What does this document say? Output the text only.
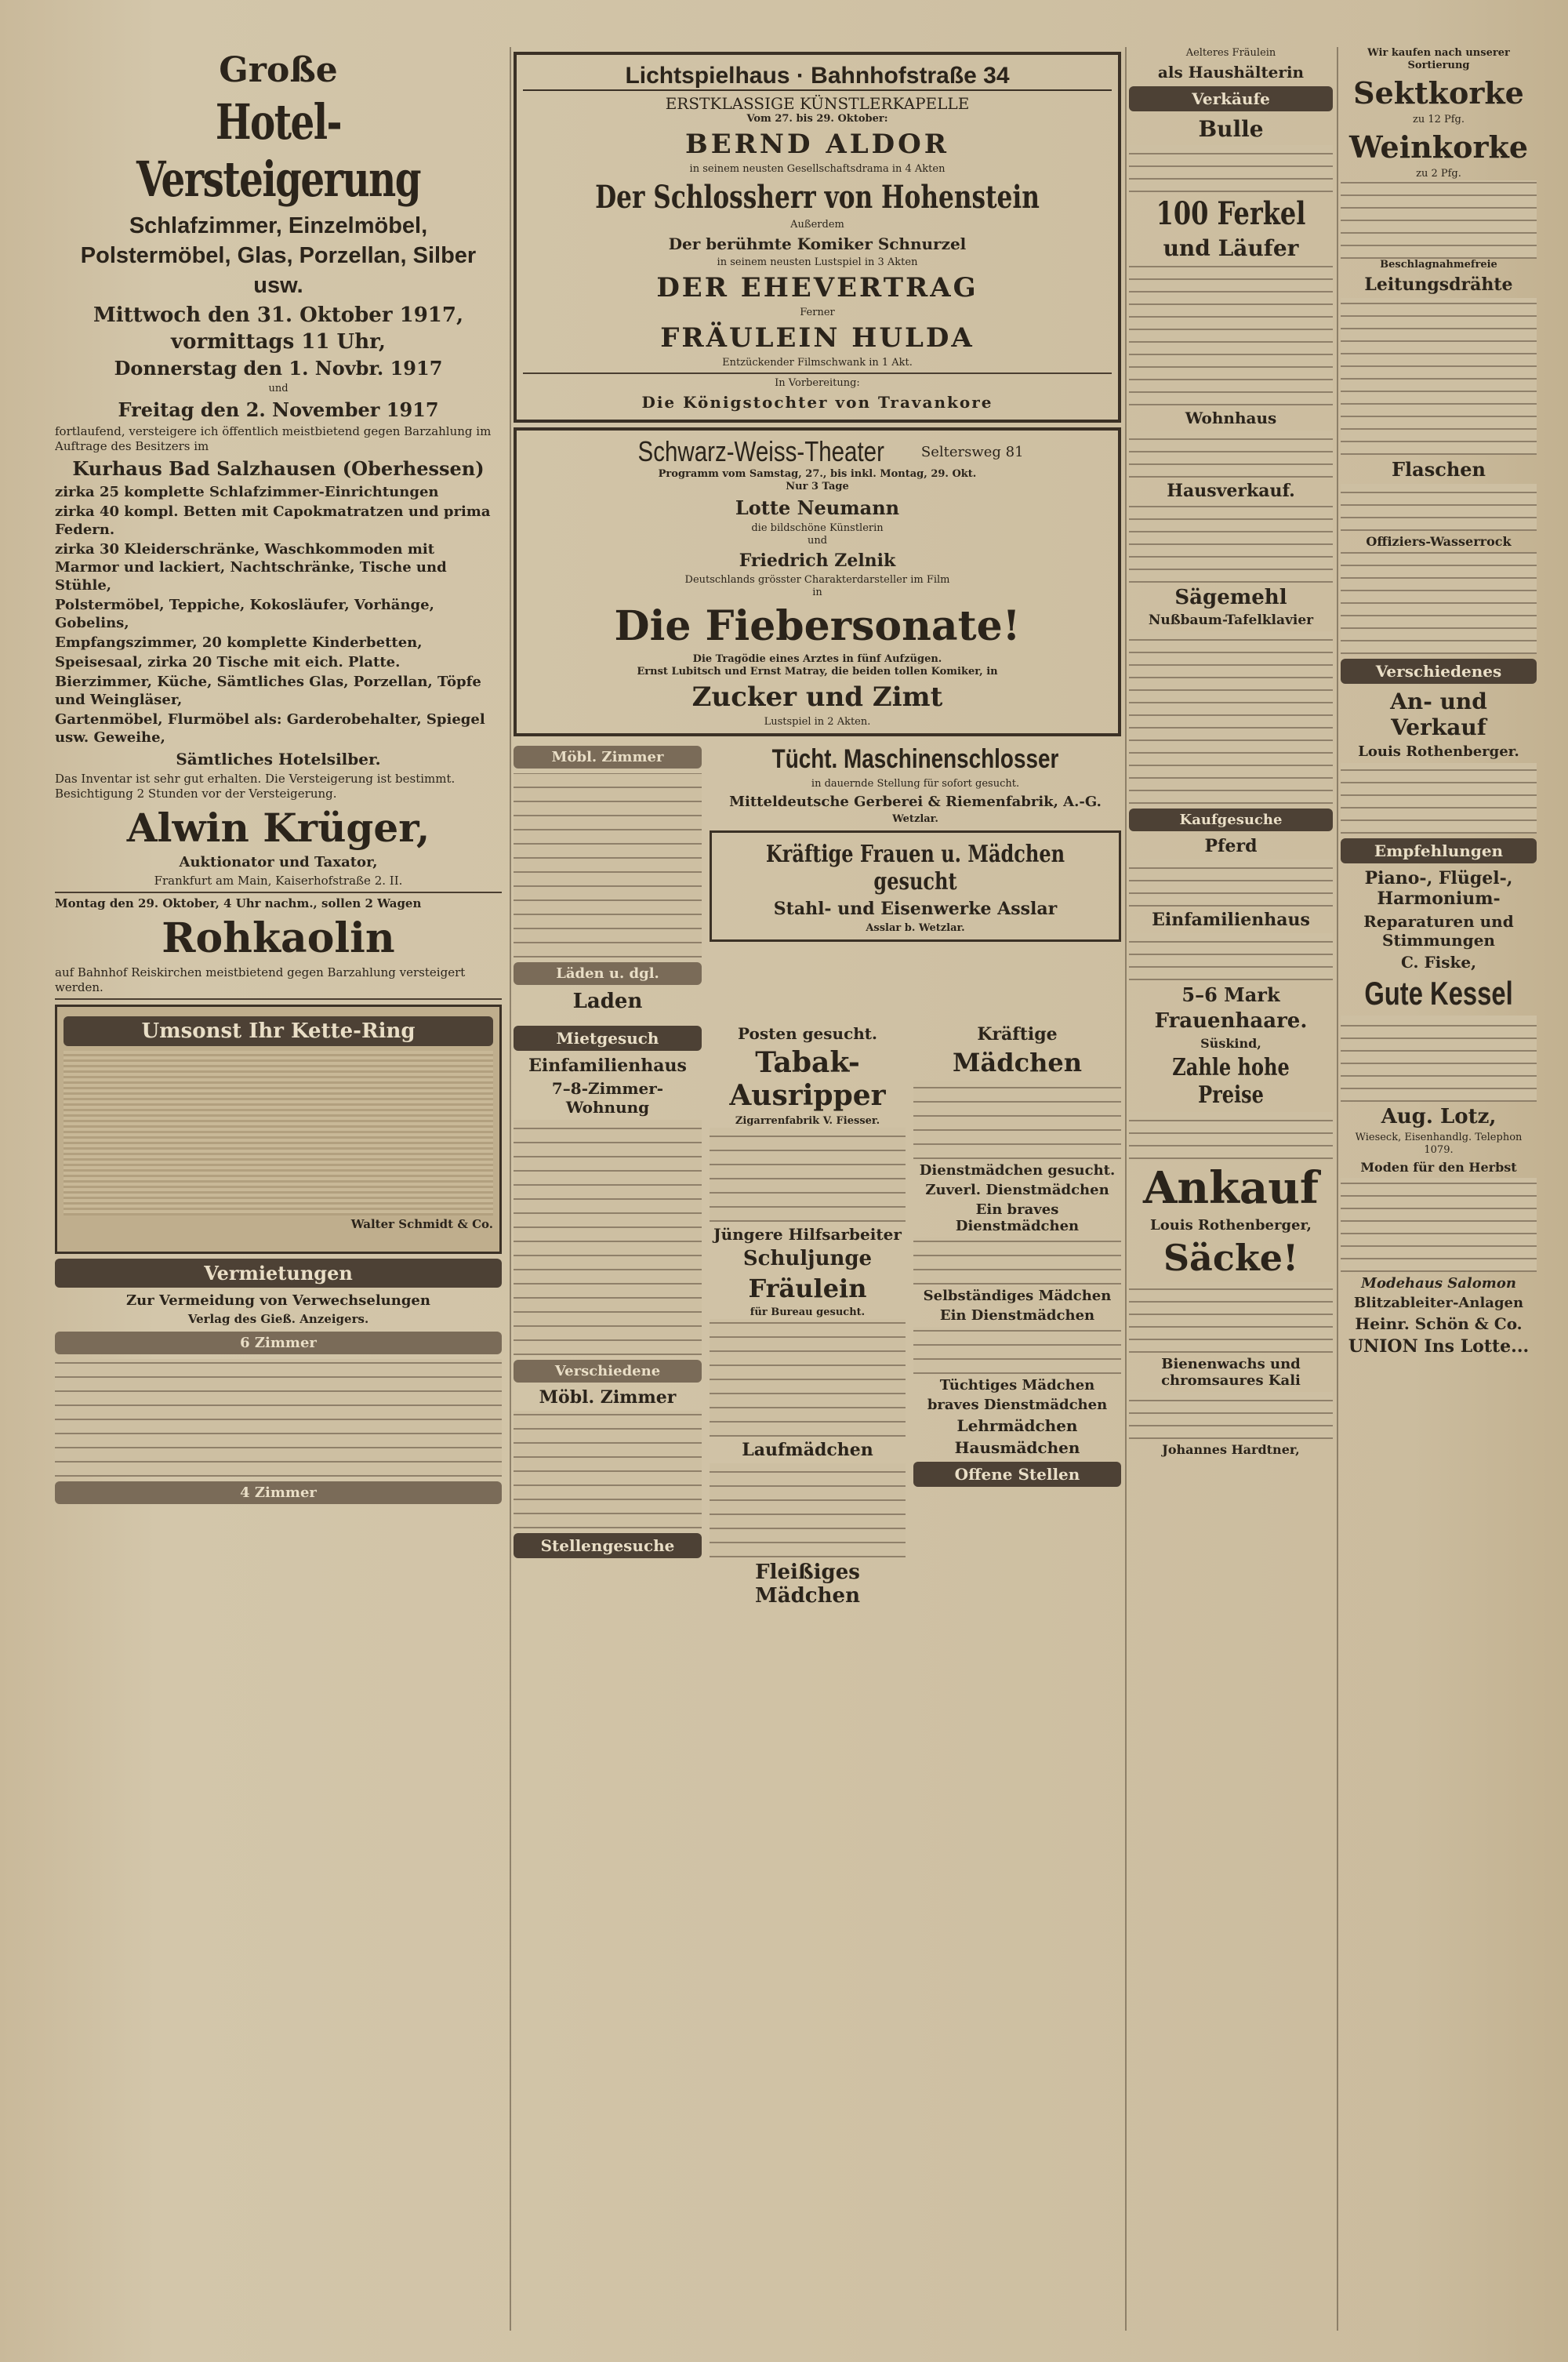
Große
Hotel-Versteigerung
Schlafzimmer, Einzelmöbel, Polstermöbel, Glas, Porzellan, Silber usw.
Mittwoch den 31. Oktober 1917,
vormittags 11 Uhr,
Donnerstag den 1. Novbr. 1917
und
Freitag den 2. November 1917
fortlaufend, versteigere ich öffentlich meistbietend gegen Barzahlung im Auftrage des Besitzers im
Kurhaus Bad Salzhausen (Oberhessen)
zirka 25 komplette Schlafzimmer-Einrichtungen
zirka 40 kompl. Betten mit Capokmatratzen und prima Federn.
zirka 30 Kleiderschränke, Waschkommoden mit Marmor und lackiert, Nachtschränke, Tische und Stühle,
Polstermöbel, Teppiche, Kokosläufer, Vorhänge, Gobelins,
Empfangszimmer, 20 komplette Kinderbetten,
Speisesaal, zirka 20 Tische mit eich. Platte.
Bierzimmer, Küche, Sämtliches Glas, Porzellan, Töpfe und Weingläser,
Gartenmöbel, Flurmöbel als: Garderobehalter, Spiegel usw. Geweihe,
Sämtliches Hotelsilber.
Das Inventar ist sehr gut erhalten. Die Versteigerung ist bestimmt. Besichtigung 2 Stunden vor der Versteigerung.
Alwin Krüger,
Auktionator und Taxator,
Frankfurt am Main, Kaiserhofstraße 2. II.
Montag den 29. Oktober, 4 Uhr nachm., sollen 2 Wagen
Rohkaolin
auf Bahnhof Reiskirchen meistbietend gegen Barzahlung versteigert werden.
Umsonst Ihr Kette-Ring
Walter Schmidt & Co.
Vermietungen
Zur Vermeidung von Verwechselungen
Verlag des Gieß. Anzeigers.
6 Zimmer
4 Zimmer
Lichtspielhaus · Bahnhofstraße 34
ERSTKLASSIGE KÜNSTLERKAPELLE
Vom 27. bis 29. Oktober:
BERND ALDOR
in seinem neusten Gesellschaftsdrama in 4 Akten
Der Schlossherr von Hohenstein
Außerdem
Der berühmte Komiker Schnurzel
in seinem neusten Lustspiel in 3 Akten
DER EHEVERTRAG
Ferner
FRÄULEIN HULDA
Entzückender Filmschwank in 1 Akt.
In Vorbereitung:
Die Königstochter von Travankore
Schwarz-Weiss-Theater	Seltersweg 81
Programm vom Samstag, 27., bis inkl. Montag, 29. Okt.
Nur 3 Tage
Lotte Neumann
die bildschöne Künstlerin
und
Friedrich Zelnik
Deutschlands grösster Charakterdarsteller im Film
in
Die Fiebersonate!
Die Tragödie eines Arztes in fünf Aufzügen.
Ernst Lubitsch und Ernst Matray, die beiden tollen Komiker, in
Zucker und Zimt
Lustspiel in 2 Akten.
Möbl. Zimmer
Läden u. dgl.
Laden
Tücht. Maschinenschlosser
in dauernde Stellung für sofort gesucht.
Mitteldeutsche Gerberei & Riemenfabrik, A.-G.
Wetzlar.
Kräftige Frauen u. Mädchen gesucht
Stahl- und Eisenwerke Asslar
Asslar b. Wetzlar.
Mietgesuch
Einfamilienhaus
7–8-Zimmer-Wohnung
Verschiedene
Möbl. Zimmer
Stellengesuche
Posten gesucht.
Tabak-Ausripper
Zigarrenfabrik V. Fiesser.
Jüngere Hilfsarbeiter
Schuljunge
Fräulein
für Bureau gesucht.
Laufmädchen
Fleißiges Mädchen
Kräftige
Mädchen
Dienstmädchen gesucht.
Zuverl. Dienstmädchen
Ein braves Dienstmädchen
Selbständiges Mädchen
Ein Dienstmädchen
Tüchtiges Mädchen
braves Dienstmädchen
Lehrmädchen
Hausmädchen
Offene Stellen
Aelteres Fräulein
als Haushälterin
Verkäufe
Bulle
100 Ferkel
und Läufer
Wohnhaus
Hausverkauf.
Sägemehl
Nußbaum-Tafelklavier
Kaufgesuche
Pferd
Einfamilienhaus
5–6 Mark
Frauenhaare.
Süskind,
Zahle hohe Preise
Ankauf
Louis Rothenberger,
Säcke!
Bienenwachs und chromsaures Kali
Johannes Hardtner,
Wir kaufen nach unserer Sortierung
Sektkorke
zu 12 Pfg.
Weinkorke
zu 2 Pfg.
Beschlagnahmefreie
Leitungsdrähte
Flaschen
Offiziers-Wasserrock
Verschiedenes
An- und Verkauf
Louis Rothenberger.
Empfehlungen
Piano-, Flügel-, Harmonium-
Reparaturen und Stimmungen
C. Fiske,
Gute Kessel
Aug. Lotz,
Wieseck, Eisenhandlg. Telephon 1079.
Moden für den Herbst
Modehaus Salomon
Blitzableiter-Anlagen
Heinr. Schön & Co.
UNION Ins Lotte...
